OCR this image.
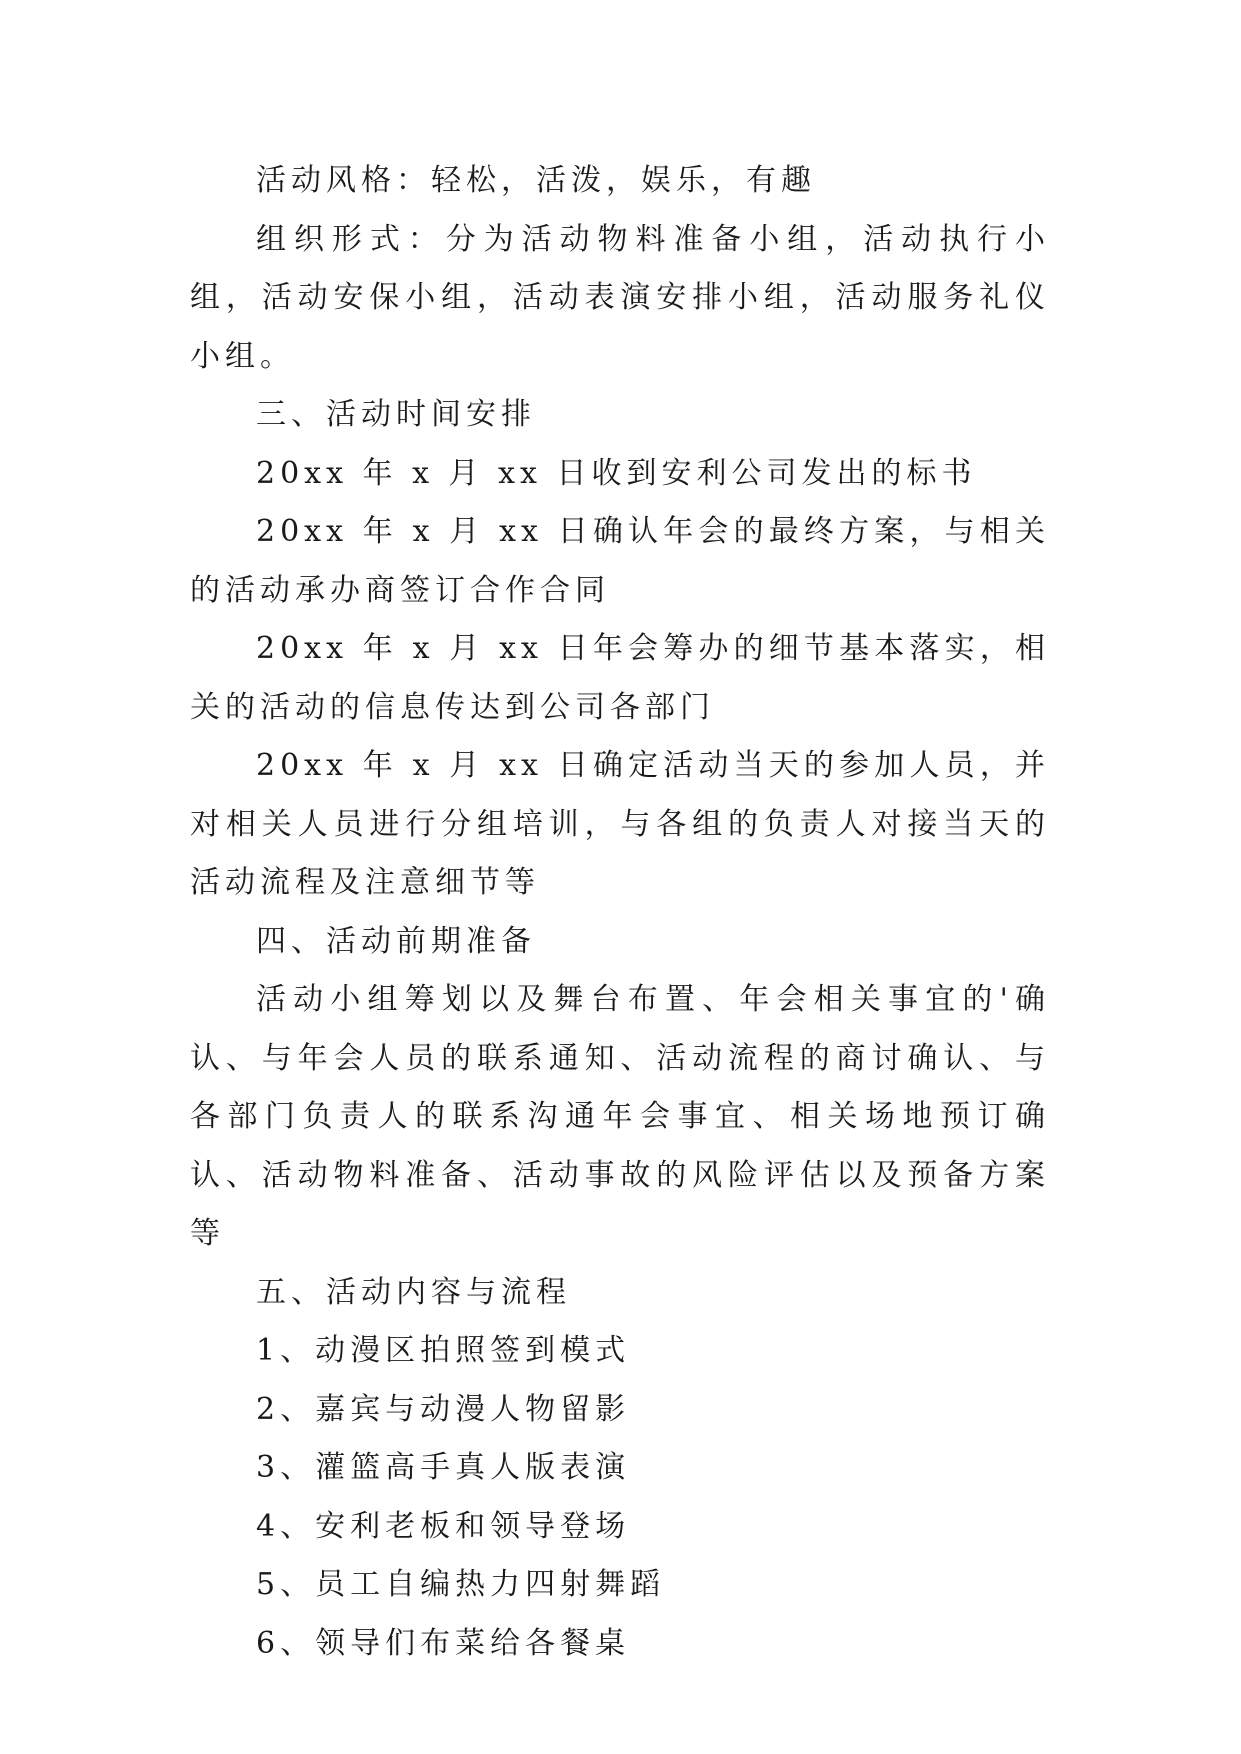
活动风格：轻松，活泼，娱乐，有趣

组织形式：分为活动物料准备小组，活动执行小组，活动安保小组，活动表演安排小组，活动服务礼仪小组。

三、活动时间安排

20xx 年 x 月 xx 日收到安利公司发出的标书

20xx 年 x 月 xx 日确认年会的最终方案，与相关的活动承办商签订合作合同

20xx 年 x 月 xx 日年会筹办的细节基本落实，相关的活动的信息传达到公司各部门

20xx 年 x 月 xx 日确定活动当天的参加人员，并对相关人员进行分组培训，与各组的负责人对接当天的活动流程及注意细节等

四、活动前期准备

活动小组筹划以及舞台布置、年会相关事宜的'确认、与年会人员的联系通知、活动流程的商讨确认、与各部门负责人的联系沟通年会事宜、相关场地预订确认、活动物料准备、活动事故的风险评估以及预备方案等

五、活动内容与流程

1、动漫区拍照签到模式

2、嘉宾与动漫人物留影

3、灌篮高手真人版表演

4、安利老板和领导登场

5、员工自编热力四射舞蹈

6、领导们布菜给各餐桌
